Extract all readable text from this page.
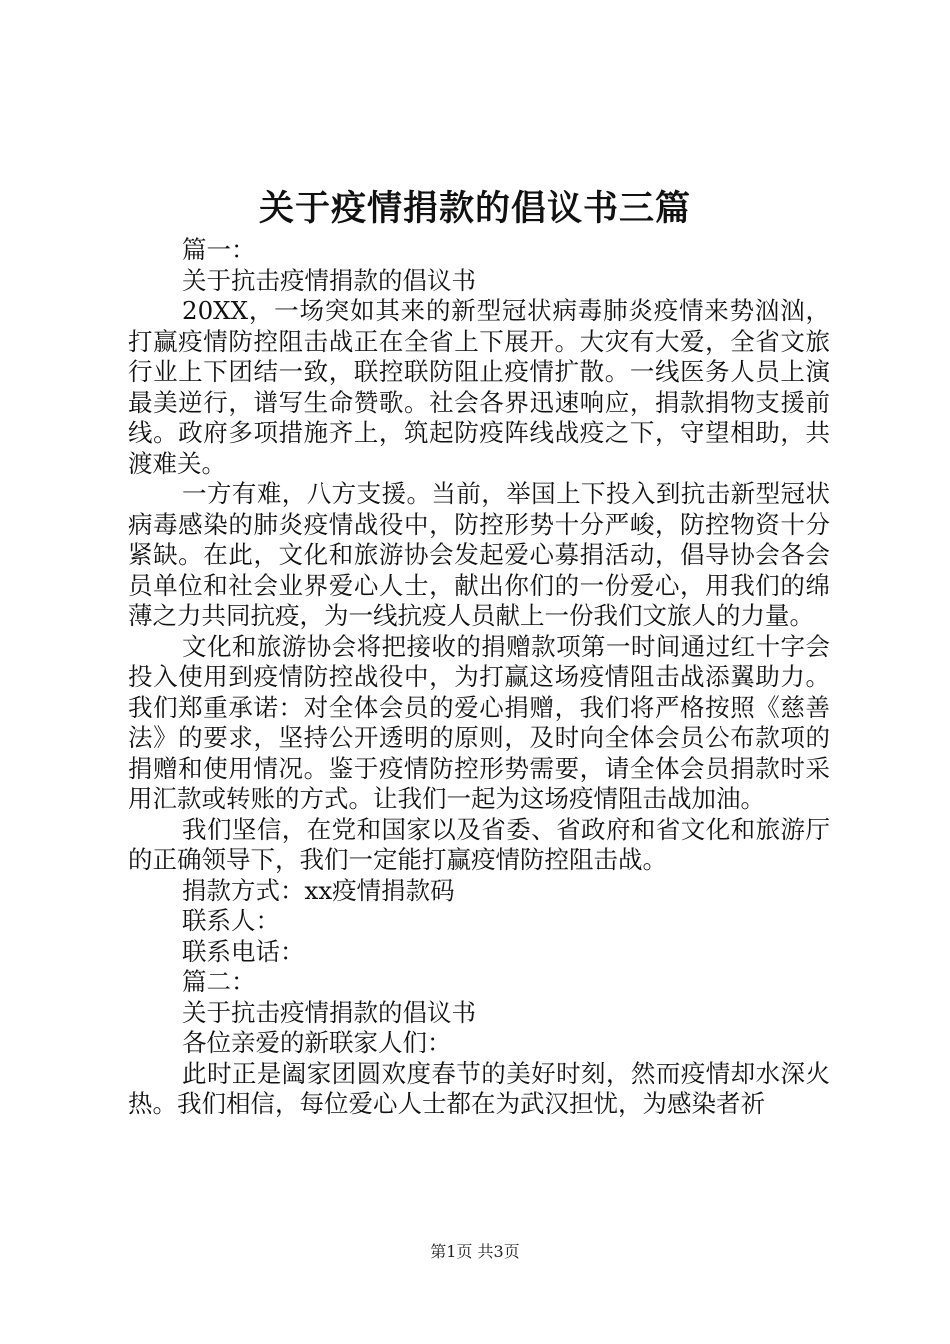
关于疫情捐款的倡议书三篇
篇一：
关于抗击疫情捐款的倡议书

20XX，一场突如其来的新型冠状病毒肺炎疫情来势汹汹，打赢疫情防控阻击战正在全省上下展开。大灾有大爱，全省文旅行业上下团结一致，联控联防阻止疫情扩散。一线医务人员上演最美逆行，谱写生命赞歌。社会各界迅速响应，捐款捐物支援前线。政府多项措施齐上，筑起防疫阵线战疫之下，守望相助，共渡难关。

一方有难，八方支援。当前，举国上下投入到抗击新型冠状病毒感染的肺炎疫情战役中，防控形势十分严峻，防控物资十分紧缺。在此，文化和旅游协会发起爱心募捐活动，倡导协会各会员单位和社会业界爱心人士，献出你们的一份爱心，用我们的绵薄之力共同抗疫，为一线抗疫人员献上一份我们文旅人的力量。

文化和旅游协会将把接收的捐赠款项第一时间通过红十字会投入使用到疫情防控战役中，为打赢这场疫情阻击战添翼助力。我们郑重承诺：对全体会员的爱心捐赠，我们将严格按照《慈善法》的要求，坚持公开透明的原则，及时向全体会员公布款项的捐赠和使用情况。鉴于疫情防控形势需要，请全体会员捐款时采用汇款或转账的方式。让我们一起为这场疫情阻击战加油。

我们坚信，在党和国家以及省委、省政府和省文化和旅游厅的正确领导下，我们一定能打赢疫情防控阻击战。

捐款方式：xx疫情捐款码
联系人：
联系电话：
篇二：
关于抗击疫情捐款的倡议书
各位亲爱的新联家人们：

此时正是阖家团圆欢度春节的美好时刻，然而疫情却水深火热。我们相信，每位爱心人士都在为武汉担忧，为感染者祈

第1页 共3页
